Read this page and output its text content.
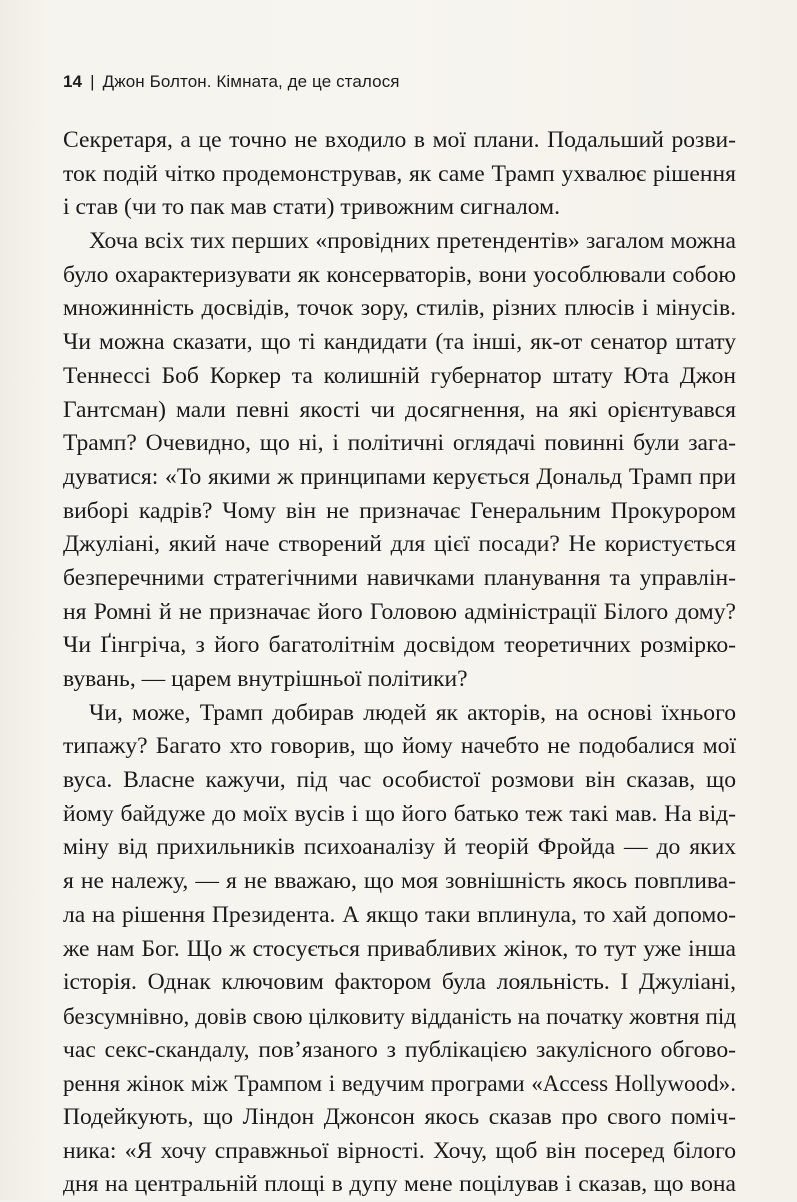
14 | Джон Болтон. Кімната, де це сталося
Секретаря, а це точно не входило в мої плани. Подальший розви-
ток подій чітко продемонстрував, як саме Трамп ухвалює рішення
і став (чи то пак мав стати) тривожним сигналом.
Хоча всіх тих перших «провідних претендентів» загалом можна
було охарактеризувати як консерваторів, вони уособлювали собою
множинність досвідів, точок зору, стилів, різних плюсів і мінусів.
Чи можна сказати, що ті кандидати (та інші, як-от сенатор штату
Теннессі Боб Коркер та колишній губернатор штату Юта Джон
Гантсман) мали певні якості чи досягнення, на які орієнтувався
Трамп? Очевидно, що ні, і політичні оглядачі повинні були зага-
дуватися: «То якими ж принципами керується Дональд Трамп при
виборі кадрів? Чому він не призначає Генеральним Прокурором
Джуліані, який наче створений для цієї посади? Не користується
безперечними стратегічними навичками планування та управлін-
ня Ромні й не призначає його Головою адміністрації Білого дому?
Чи Ґінгріча, з його багатолітнім досвідом теоретичних розмірко-
вувань, — царем внутрішньої політики?
Чи, може, Трамп добирав людей як акторів, на основі їхнього
типажу? Багато хто говорив, що йому начебто не подобалися мої
вуса. Власне кажучи, під час особистої розмови він сказав, що
йому байдуже до моїх вусів і що його батько теж такі мав. На від-
міну від прихильників психоаналізу й теорій Фройда — до яких
я не належу, — я не вважаю, що моя зовнішність якось повплива-
ла на рішення Президента. А якщо таки вплинула, то хай допомо-
же нам Бог. Що ж стосується привабливих жінок, то тут уже інша
історія. Однак ключовим фактором була лояльність. І Джуліані,
безсумнівно, довів свою цілковиту відданість на початку жовтня під
час секс-скандалу, пов’язаного з публікацією закулісного обгово-
рення жінок між Трампом і ведучим програми «Access Hollywood».
Подейкують, що Ліндон Джонсон якось сказав про свого поміч-
ника: «Я хочу справжньої вірності. Хочу, щоб він посеред білого
дня на центральній площі в дупу мене поцілував і сказав, що вона
